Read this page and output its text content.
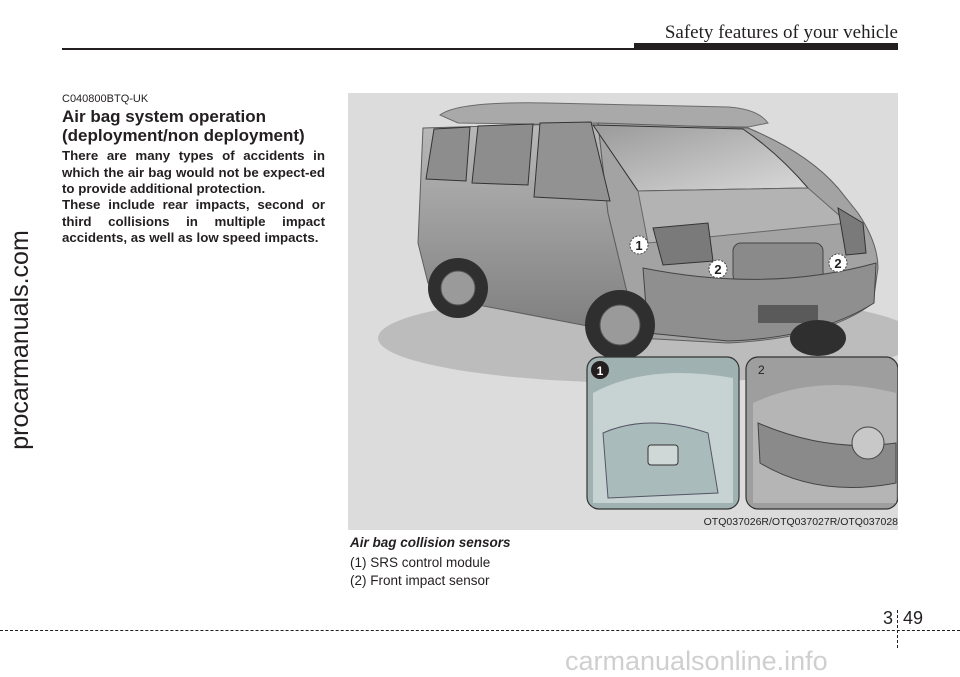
Safety features of your vehicle
procarmanuals.com
C040800BTQ-UK
Air bag system operation (deployment/non deployment)
There are many types of accidents in which the air bag would not be expect-ed to provide additional protection.
These include rear impacts, second or third collisions in multiple impact accidents, as well as low speed impacts.
1
2	2
1	2
OTQ037026R/OTQ037027R/OTQ037028
Air bag collision sensors
(1) SRS control module
(2) Front impact sensor
3 49
carmanualsonline.info
